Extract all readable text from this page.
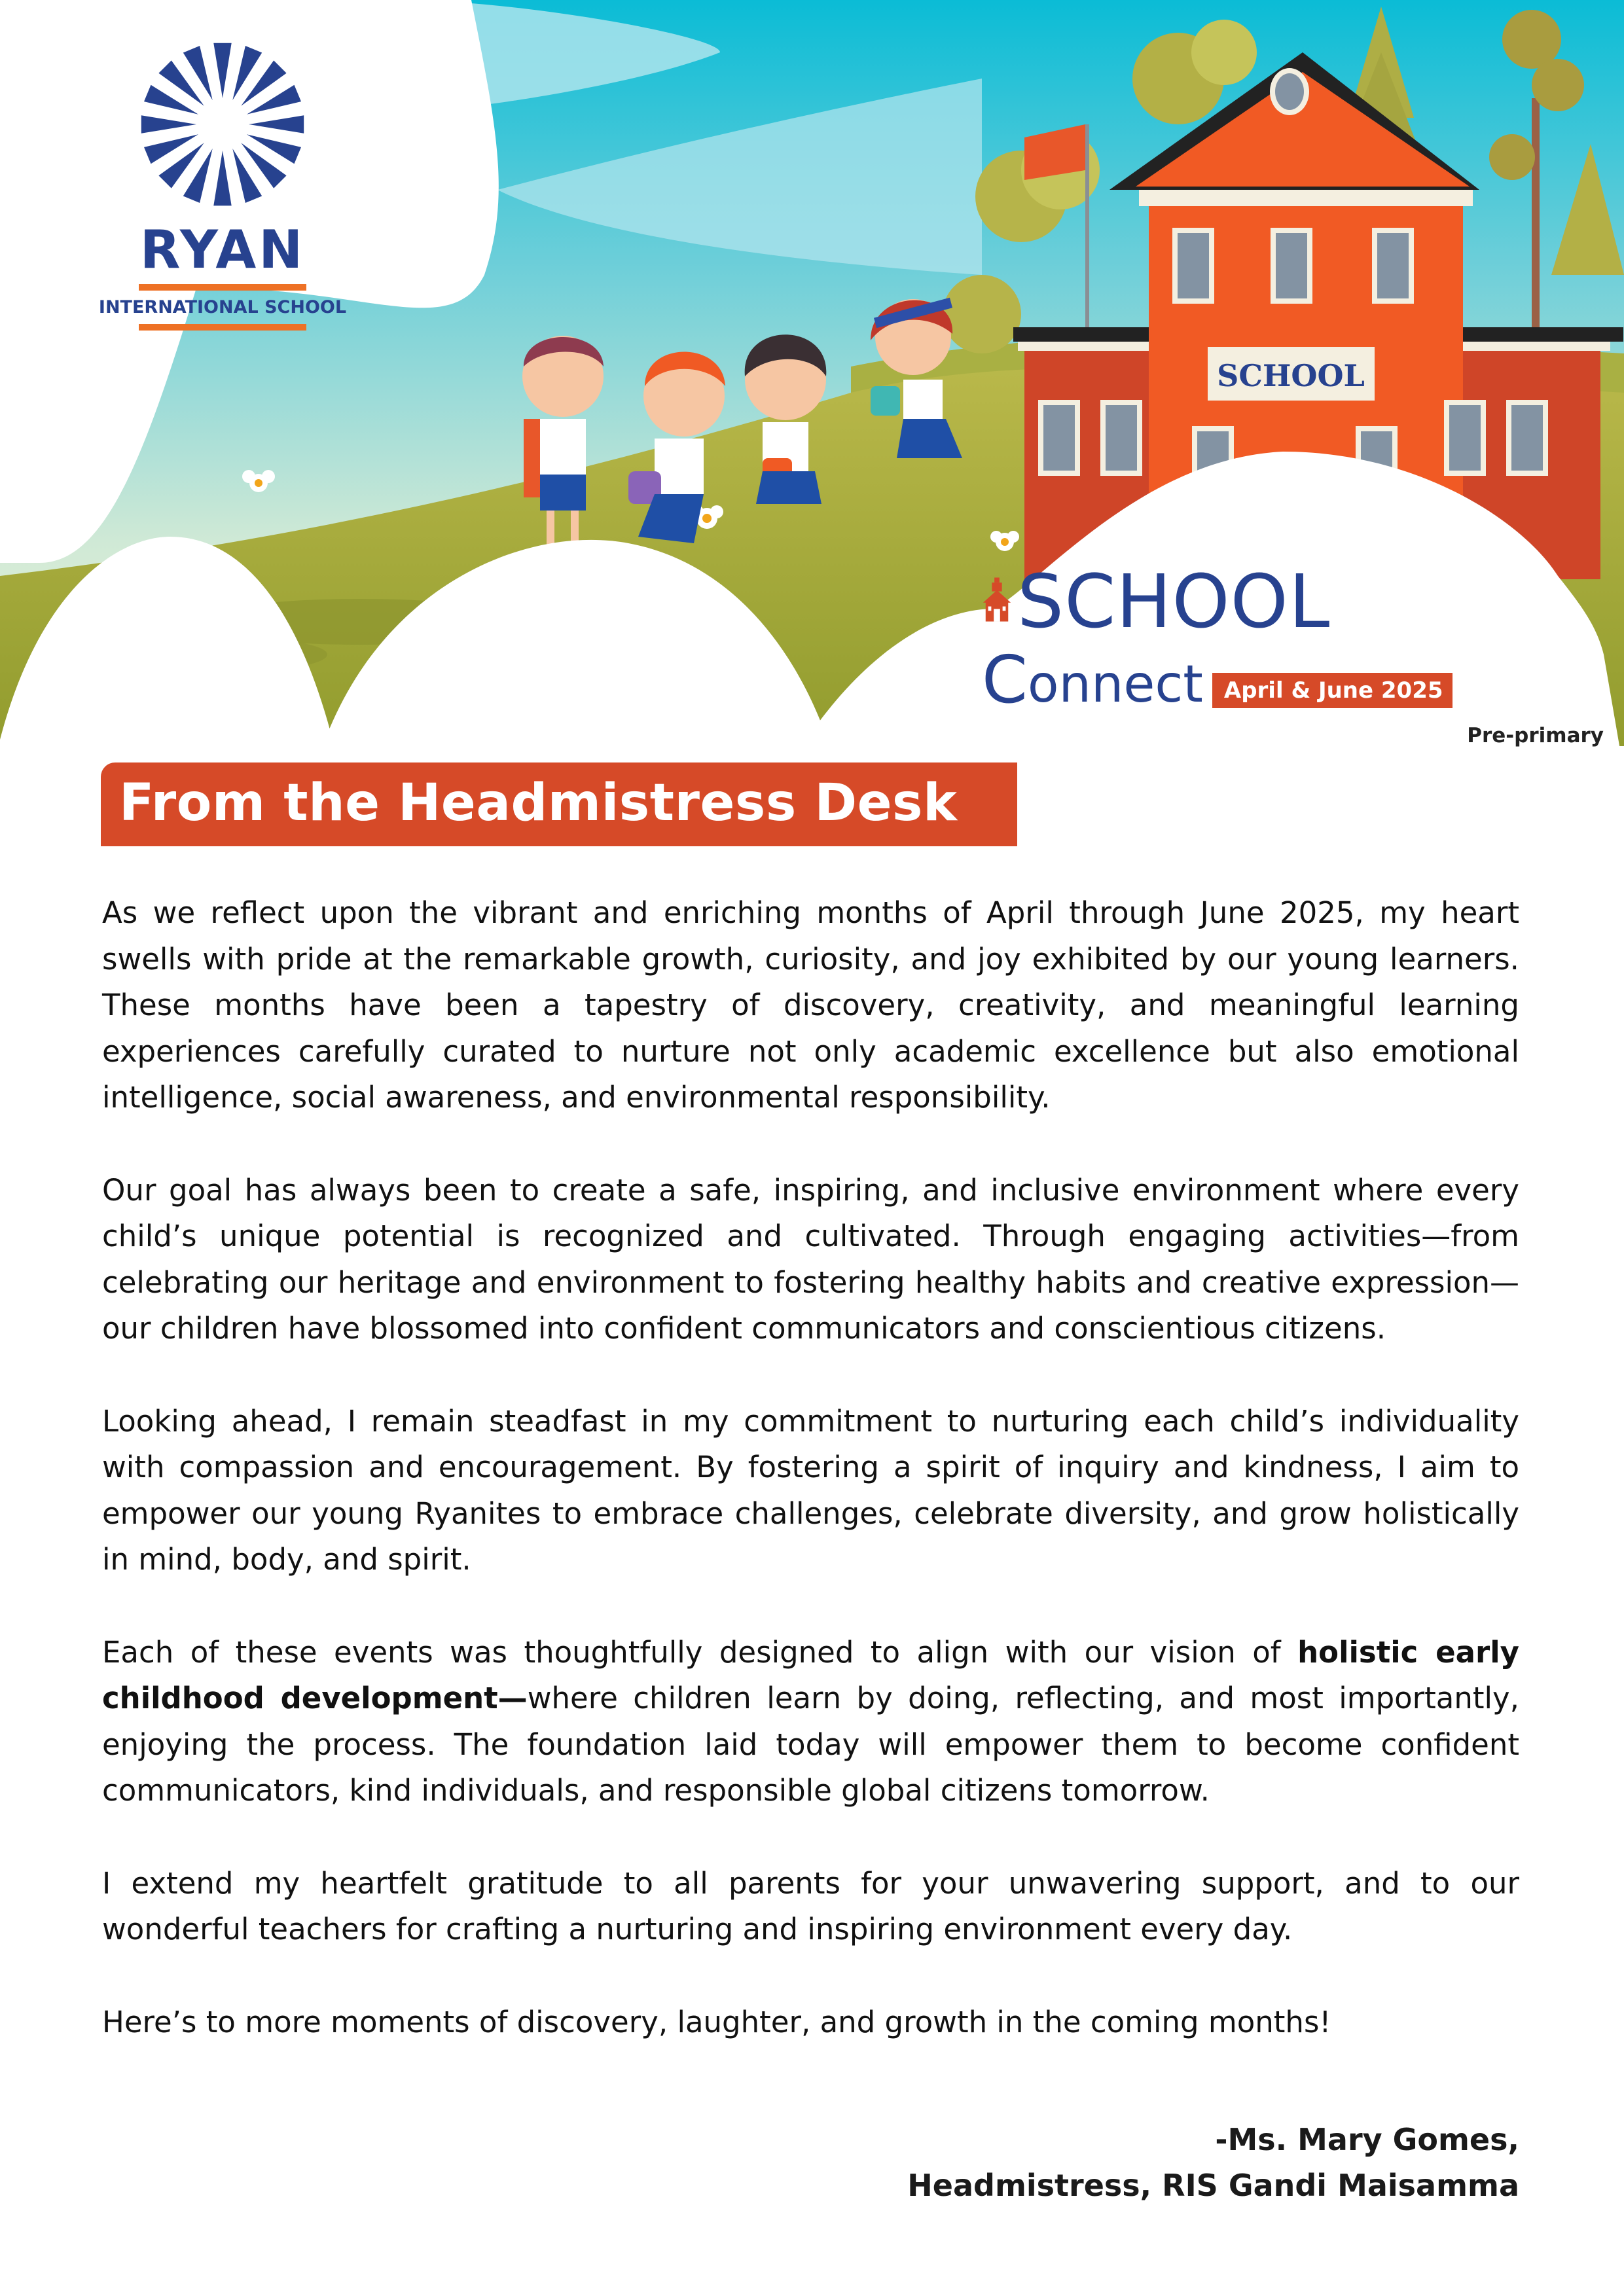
SCHOOL
RYAN
INTERNATIONAL SCHOOL
SCHOOL
C onnect April & June 2025
Pre-primary
From the Headmistress Desk

As we reflect upon the vibrant and enriching months of April through June 2025, my heart swells with pride at the remarkable growth, curiosity, and joy exhibited by our young learners. These months have been a tapestry of discovery, creativity, and meaningful learning experiences carefully curated to nurture not only academic excellence but also emotional intelligence, social awareness, and environmental responsibility.

Our goal has always been to create a safe, inspiring, and inclusive environment where every child’s unique potential is recognized and cultivated. Through engaging activities—from celebrating our heritage and environment to fostering healthy habits and creative expression—our children have blossomed into confident communicators and conscientious citizens.

Looking ahead, I remain steadfast in my commitment to nurturing each child’s individuality with compassion and encouragement. By fostering a spirit of inquiry and kindness, I aim to empower our young Ryanites to embrace challenges, celebrate diversity, and grow holistically in mind, body, and spirit.

Each of these events was thoughtfully designed to align with our vision of holistic early childhood development—where children learn by doing, reflecting, and most importantly, enjoying the process. The foundation laid today will empower them to become confident communicators, kind individuals, and responsible global citizens tomorrow.

I extend my heartfelt gratitude to all parents for your unwavering support, and to our wonderful teachers for crafting a nurturing and inspiring environment every day.

Here’s to more moments of discovery, laughter, and growth in the coming months!

-Ms. Mary Gomes,
Headmistress, RIS Gandi Maisamma
